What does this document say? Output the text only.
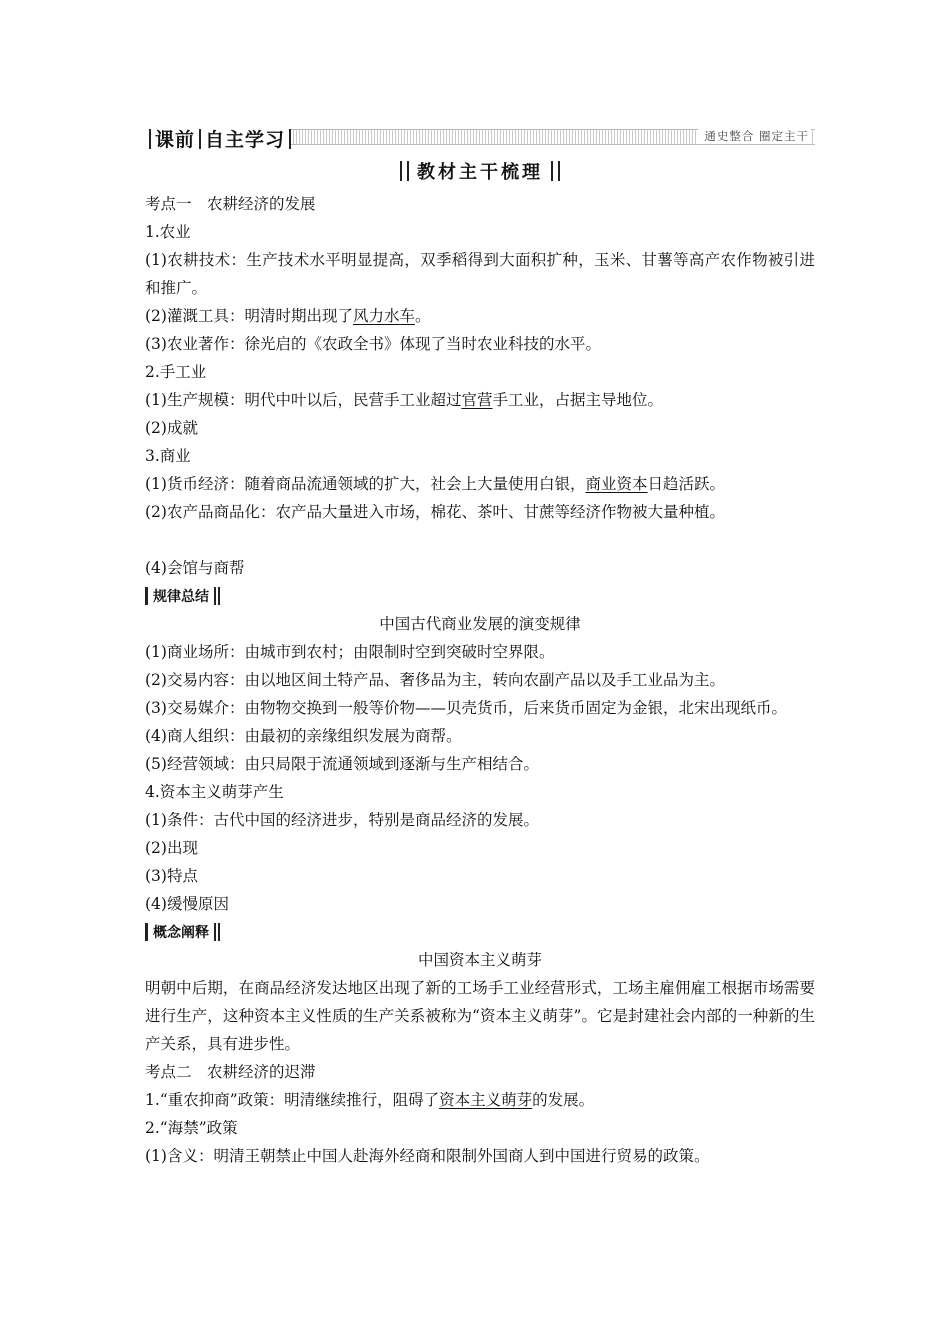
课前 自主学习	通史整合 圈定主干
教材主干梳理
考点一　农耕经济的发展
1.农业
(1)农耕技术：生产技术水平明显提高，双季稻得到大面积扩种，玉米、甘薯等高产农作物被引进和推广。
(2)灌溉工具：明清时期出现了风力水车。
(3)农业著作：徐光启的《农政全书》体现了当时农业科技的水平。
2.手工业
(1)生产规模：明代中叶以后，民营手工业超过官营手工业，占据主导地位。
(2)成就
3.商业
(1)货币经济：随着商品流通领域的扩大，社会上大量使用白银，商业资本日趋活跃。
(2)农产品商品化：农产品大量进入市场，棉花、茶叶、甘蔗等经济作物被大量种植。
(4)会馆与商帮
规律总结
中国古代商业发展的演变规律
(1)商业场所：由城市到农村；由限制时空到突破时空界限。
(2)交易内容：由以地区间土特产品、奢侈品为主，转向农副产品以及手工业品为主。
(3)交易媒介：由物物交换到一般等价物——贝壳货币，后来货币固定为金银，北宋出现纸币。
(4)商人组织：由最初的亲缘组织发展为商帮。
(5)经营领域：由只局限于流通领域到逐渐与生产相结合。
4.资本主义萌芽产生
(1)条件：古代中国的经济进步，特别是商品经济的发展。
(2)出现
(3)特点
(4)缓慢原因
概念阐释
中国资本主义萌芽
明朝中后期，在商品经济发达地区出现了新的工场手工业经营形式，工场主雇佣雇工根据市场需要进行生产，这种资本主义性质的生产关系被称为“资本主义萌芽”。它是封建社会内部的一种新的生产关系，具有进步性。
考点二　农耕经济的迟滞
1.“重农抑商”政策：明清继续推行，阻碍了资本主义萌芽的发展。
2.“海禁”政策
(1)含义：明清王朝禁止中国人赴海外经商和限制外国商人到中国进行贸易的政策。
